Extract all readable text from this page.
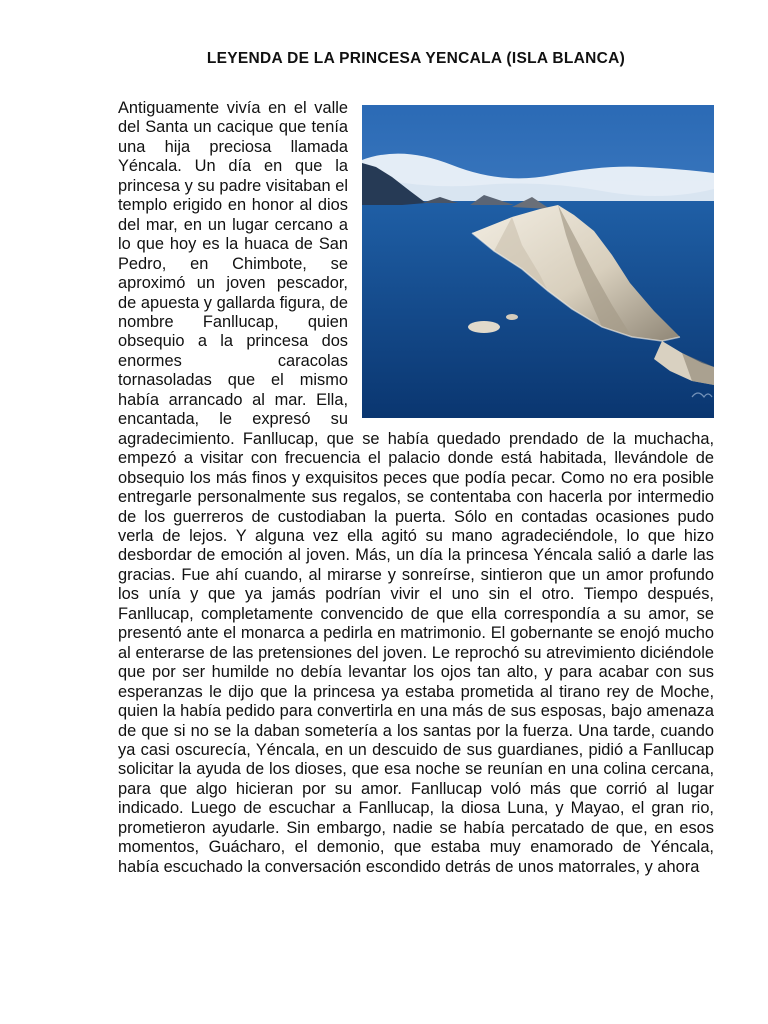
LEYENDA DE LA PRINCESA YENCALA (ISLA BLANCA)

Antiguamente vivía en el valle del Santa un cacique que tenía una hija preciosa llamada Yéncala. Un día en que la princesa y su padre visitaban el templo erigido en honor al dios del mar, en un lugar cercano a lo que hoy es la huaca de San Pedro, en Chimbote, se aproximó un joven pescador, de apuesta y gallarda figura, de nombre Fanllucap, quien obsequio a la princesa dos enormes caracolas tornasoladas que el mismo había arrancado al mar. Ella, encantada, le expresó su agradecimiento. Fanllucap, que se había quedado prendado de la muchacha, empezó a visitar con frecuencia el palacio donde está habitada, llevándole de obsequio los más finos y exquisitos peces que podía pecar. Como no era posible entregarle personalmente sus regalos, se contentaba con hacerla por intermedio de los guerreros de custodiaban la puerta. Sólo en contadas ocasiones pudo verla de lejos. Y alguna vez ella agitó su mano agradeciéndole, lo que hizo desbordar de emoción al joven. Más, un día la princesa Yéncala salió a darle las gracias. Fue ahí cuando, al mirarse y sonreírse, sintieron que un amor profundo los unía y que ya jamás podrían vivir el uno sin el otro. Tiempo después, Fanllucap, completamente convencido de que ella correspondía a su amor, se presentó ante el monarca a pedirla en matrimonio. El gobernante se enojó mucho al enterarse de las pretensiones del joven. Le reprochó su atrevimiento diciéndole que por ser humilde no debía levantar los ojos tan alto, y para acabar con sus esperanzas le dijo que la princesa ya estaba prometida al tirano rey de Moche, quien la había pedido para convertirla en una más de sus esposas, bajo amenaza de que si no se la daban sometería a los santas por la fuerza. Una tarde, cuando ya casi oscurecía, Yéncala, en un descuido de sus guardianes, pidió a Fanllucap solicitar la ayuda de los dioses, que esa noche se reunían en una colina cercana, para que algo hicieran por su amor. Fanllucap voló más que corrió al lugar indicado. Luego de escuchar a Fanllucap, la diosa Luna, y Mayao, el gran rio, prometieron ayudarle. Sin embargo, nadie se había percatado de que, en esos momentos, Guácharo, el demonio, que estaba muy enamorado de Yéncala, había escuchado la conversación escondido detrás de unos matorrales, y ahora
